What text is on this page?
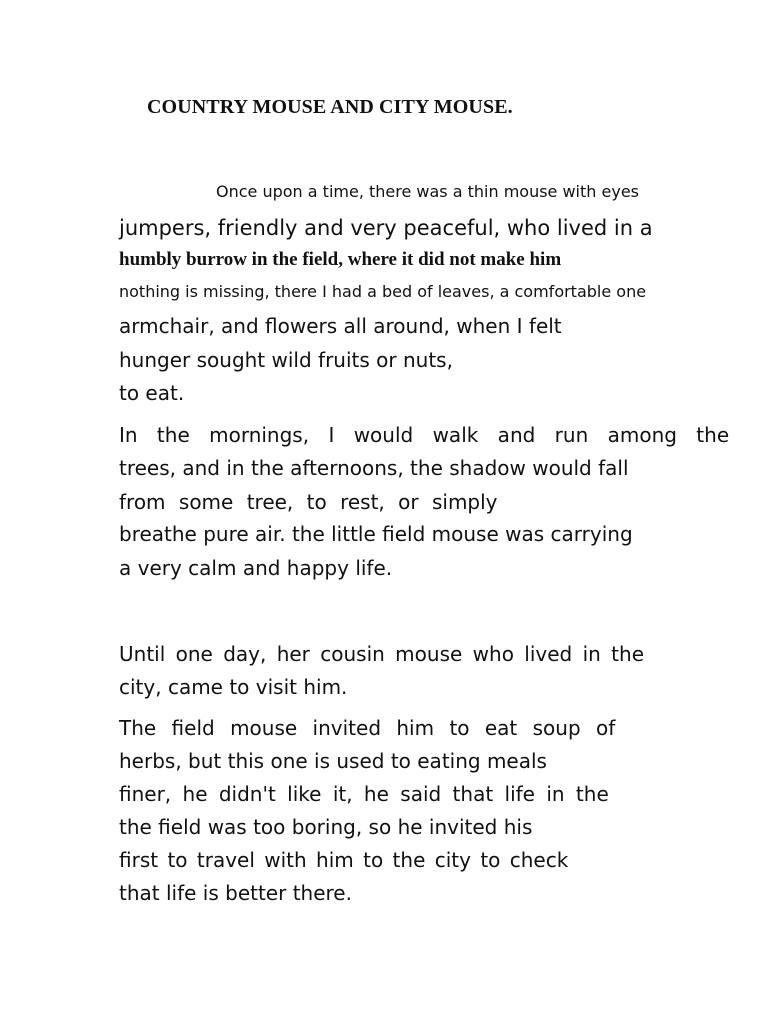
COUNTRY MOUSE AND CITY MOUSE.

Once upon a time, there was a thin mouse with eyes

jumpers, friendly and very peaceful, who lived in a

humbly burrow in the field, where it did not make him

nothing is missing, there I had a bed of leaves, a comfortable one

armchair, and flowers all around, when I felt

hunger sought wild fruits or nuts,

to eat.

In the mornings, I would walk and run among the

trees, and in the afternoons, the shadow would fall

from some tree, to rest, or simply

breathe pure air. the little field mouse was carrying

a very calm and happy life.

Until one day, her cousin mouse who lived in the

city, came to visit him.

The field mouse invited him to eat soup of

herbs, but this one is used to eating meals

finer, he didn't like it, he said that life in the

the field was too boring, so he invited his

first to travel with him to the city to check

that life is better there.
